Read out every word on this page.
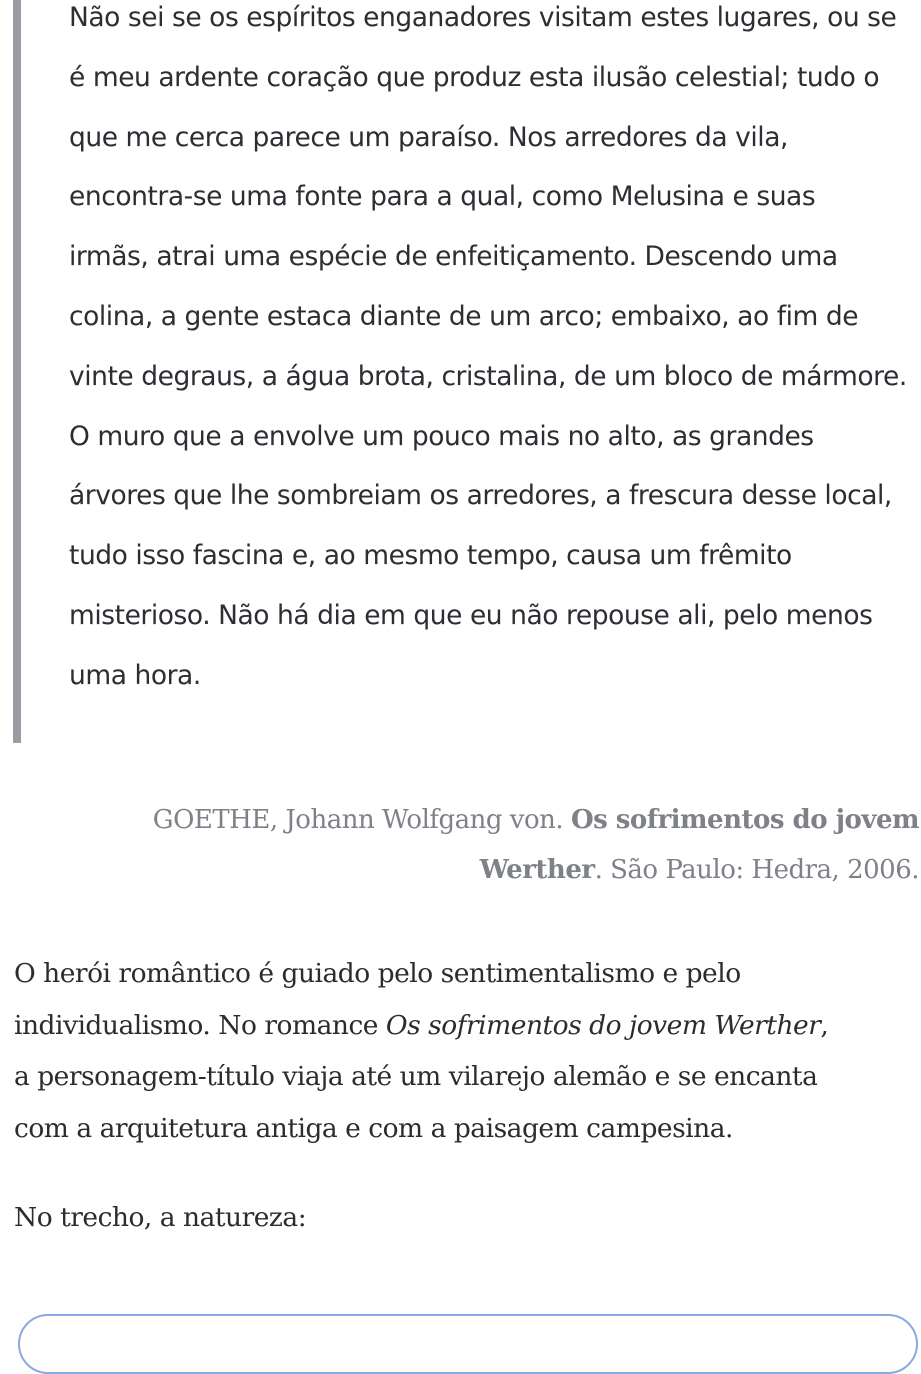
Não sei se os espíritos enganadores visitam estes lugares, ou se
é meu ardente coração que produz esta ilusão celestial; tudo o
que me cerca parece um paraíso. Nos arredores da vila,
encontra-se uma fonte para a qual, como Melusina e suas
irmãs, atrai uma espécie de enfeitiçamento. Descendo uma
colina, a gente estaca diante de um arco; embaixo, ao fim de
vinte degraus, a água brota, cristalina, de um bloco de mármore.
O muro que a envolve um pouco mais no alto, as grandes
árvores que lhe sombreiam os arredores, a frescura desse local,
tudo isso fascina e, ao mesmo tempo, causa um frêmito
misterioso. Não há dia em que eu não repouse ali, pelo menos
uma hora.

GOETHE, Johann Wolfgang von. Os sofrimentos do jovem
Werther. São Paulo: Hedra, 2006.
O herói romântico é guiado pelo sentimentalismo e pelo
individualismo. No romance Os sofrimentos do jovem Werther,
a personagem-título viaja até um vilarejo alemão e se encanta
com a arquitetura antiga e com a paisagem campesina.
No trecho, a natureza:
